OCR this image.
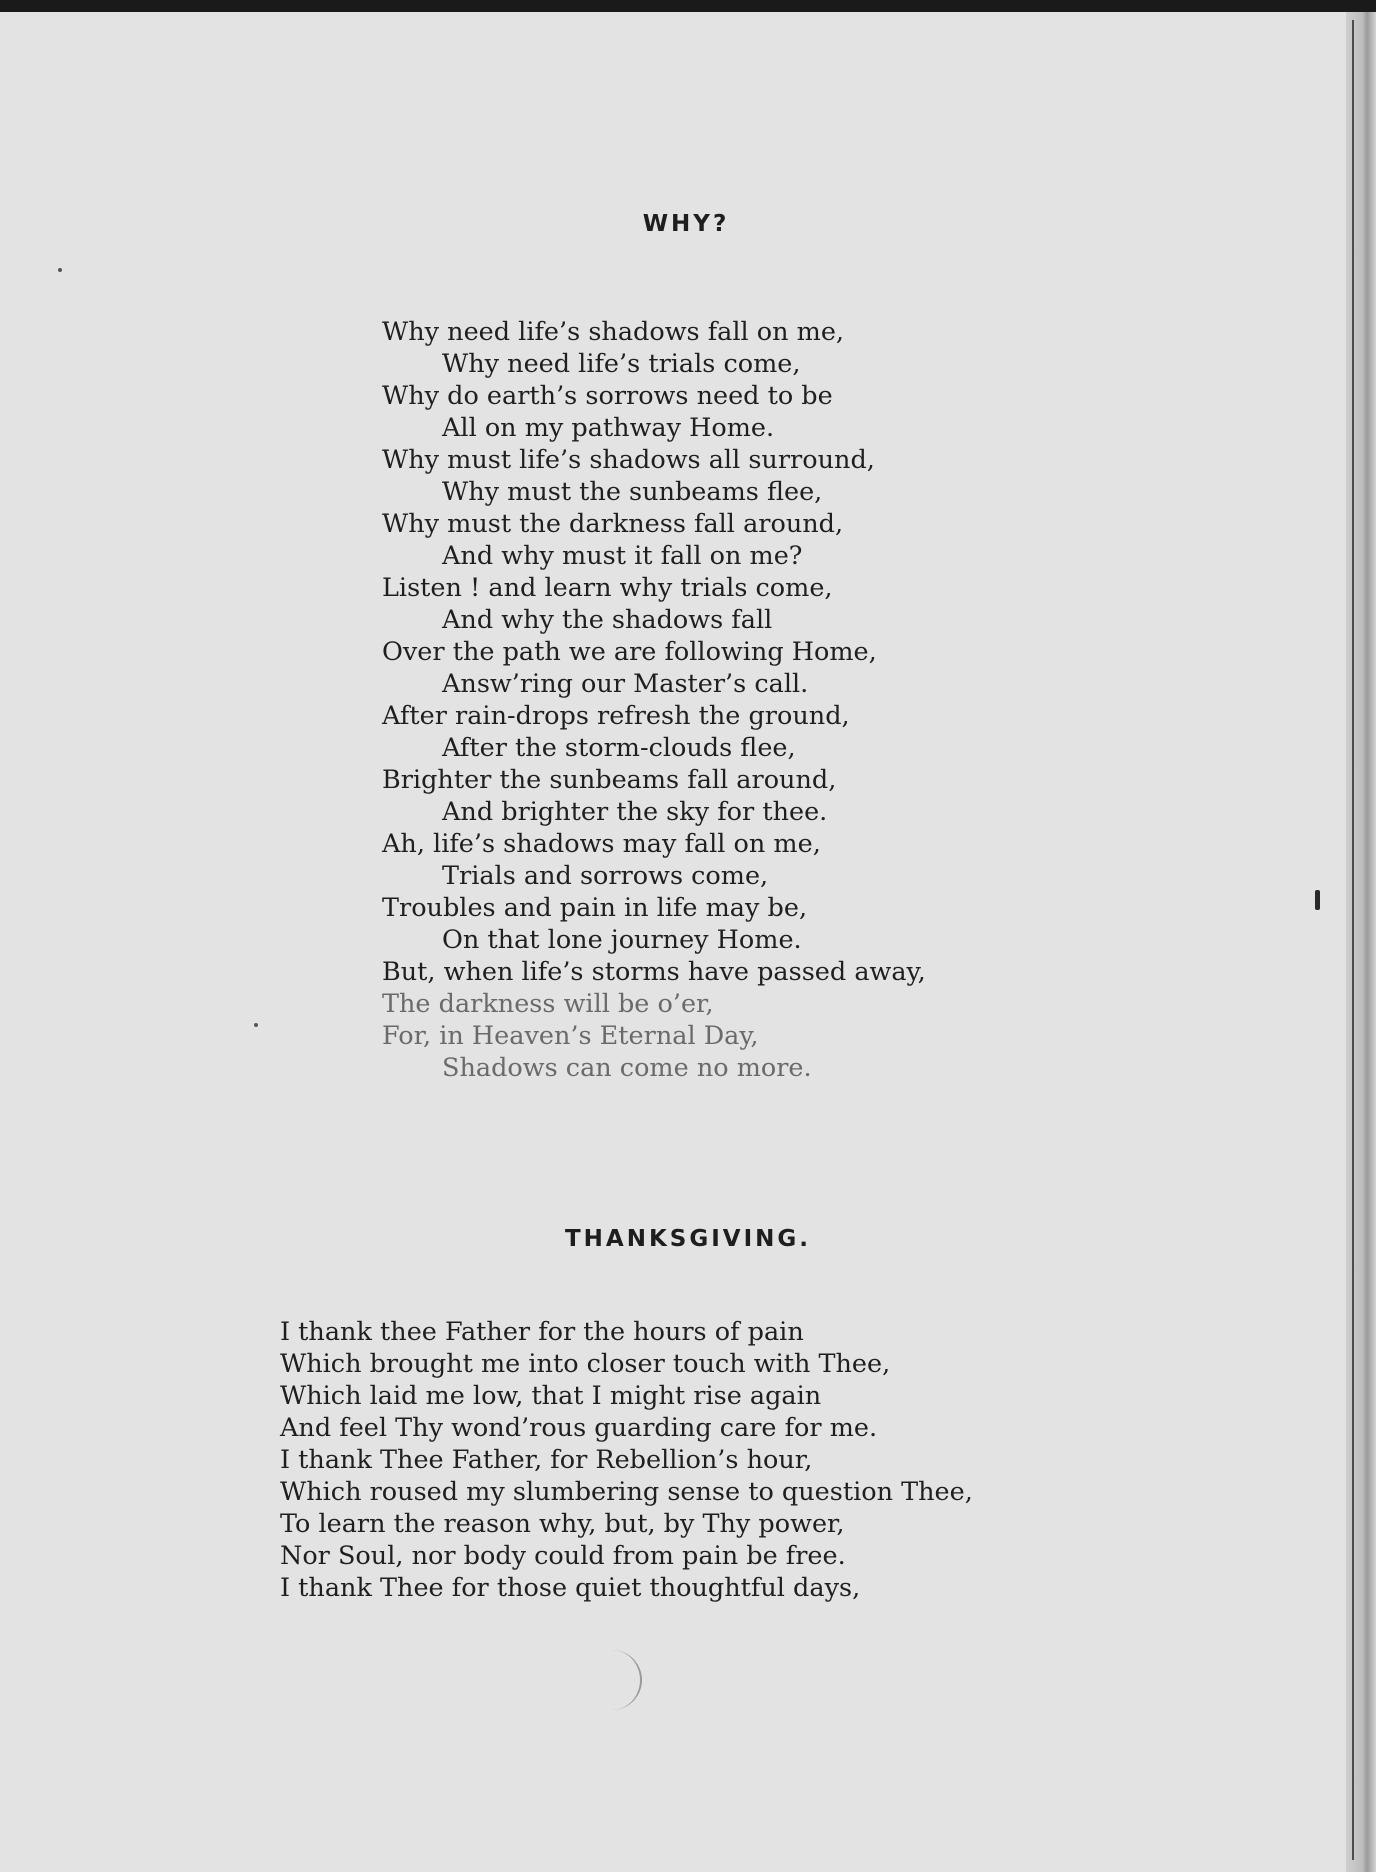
WHY?
Why need life’s shadows fall on me,
Why need life’s trials come,
Why do earth’s sorrows need to be
All on my pathway Home.
Why must life’s shadows all surround,
Why must the sunbeams flee,
Why must the darkness fall around,
And why must it fall on me?
Listen ! and learn why trials come,
And why the shadows fall
Over the path we are following Home,
Answ’ring our Master’s call.
After rain-drops refresh the ground,
After the storm-clouds flee,
Brighter the sunbeams fall around,
And brighter the sky for thee.
Ah, life’s shadows may fall on me,
Trials and sorrows come,
Troubles and pain in life may be,
On that lone journey Home.
But, when life’s storms have passed away,
The darkness will be o’er,
For, in Heaven’s Eternal Day,
Shadows can come no more.
THANKSGIVING.
I thank thee Father for the hours of pain
Which brought me into closer touch with Thee,
Which laid me low, that I might rise again
And feel Thy wond’rous guarding care for me.
I thank Thee Father, for Rebellion’s hour,
Which roused my slumbering sense to question Thee,
To learn the reason why, but, by Thy power,
Nor Soul, nor body could from pain be free.
I thank Thee for those quiet thoughtful days,
